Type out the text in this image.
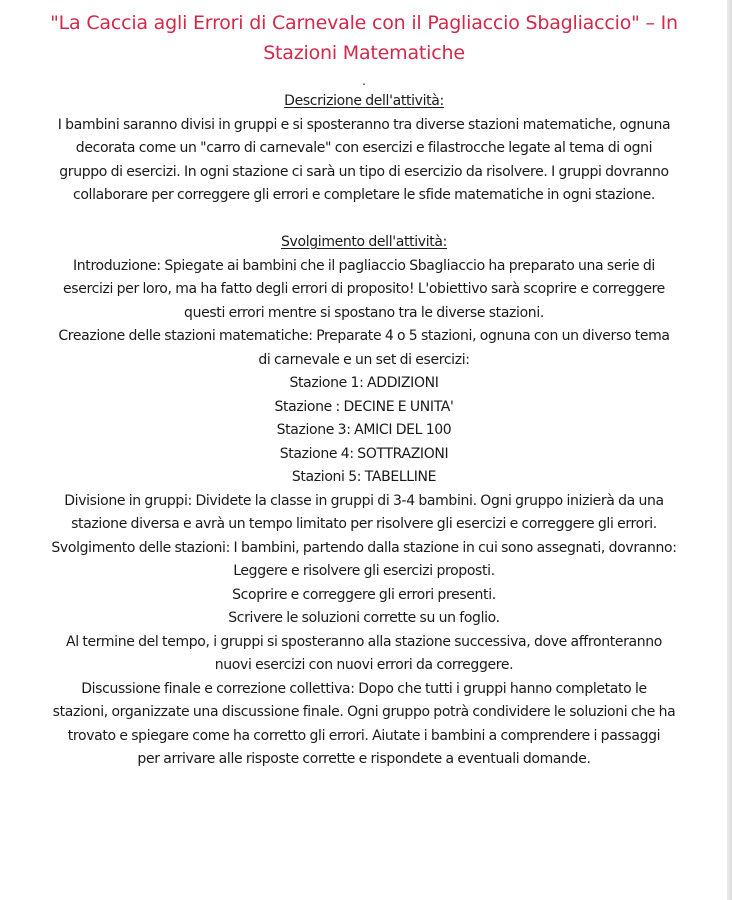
"La Caccia agli Errori di Carnevale con il Pagliaccio Sbagliaccio" – In
Stazioni Matematiche
.
Descrizione dell'attività:
I bambini saranno divisi in gruppi e si sposteranno tra diverse stazioni matematiche, ognuna
decorata come un "carro di carnevale" con esercizi e filastrocche legate al tema di ogni
gruppo di esercizi. In ogni stazione ci sarà un tipo di esercizio da risolvere. I gruppi dovranno
collaborare per correggere gli errori e completare le sfide matematiche in ogni stazione.
Svolgimento dell'attività:
Introduzione: Spiegate ai bambini che il pagliaccio Sbagliaccio ha preparato una serie di
esercizi per loro, ma ha fatto degli errori di proposito! L'obiettivo sarà scoprire e correggere
questi errori mentre si spostano tra le diverse stazioni.
Creazione delle stazioni matematiche: Preparate 4 o 5 stazioni, ognuna con un diverso tema
di carnevale e un set di esercizi:
Stazione 1: ADDIZIONI
Stazione : DECINE E UNITA'
Stazione 3: AMICI DEL 100
Stazione 4: SOTTRAZIONI
Stazioni 5: TABELLINE
Divisione in gruppi: Dividete la classe in gruppi di 3-4 bambini. Ogni gruppo inizierà da una
stazione diversa e avrà un tempo limitato per risolvere gli esercizi e correggere gli errori.
Svolgimento delle stazioni: I bambini, partendo dalla stazione in cui sono assegnati, dovranno:
Leggere e risolvere gli esercizi proposti.
Scoprire e correggere gli errori presenti.
Scrivere le soluzioni corrette su un foglio.
Al termine del tempo, i gruppi si sposteranno alla stazione successiva, dove affronteranno
nuovi esercizi con nuovi errori da correggere.
Discussione finale e correzione collettiva: Dopo che tutti i gruppi hanno completato le
stazioni, organizzate una discussione finale. Ogni gruppo potrà condividere le soluzioni che ha
trovato e spiegare come ha corretto gli errori. Aiutate i bambini a comprendere i passaggi
per arrivare alle risposte corrette e rispondete a eventuali domande.
